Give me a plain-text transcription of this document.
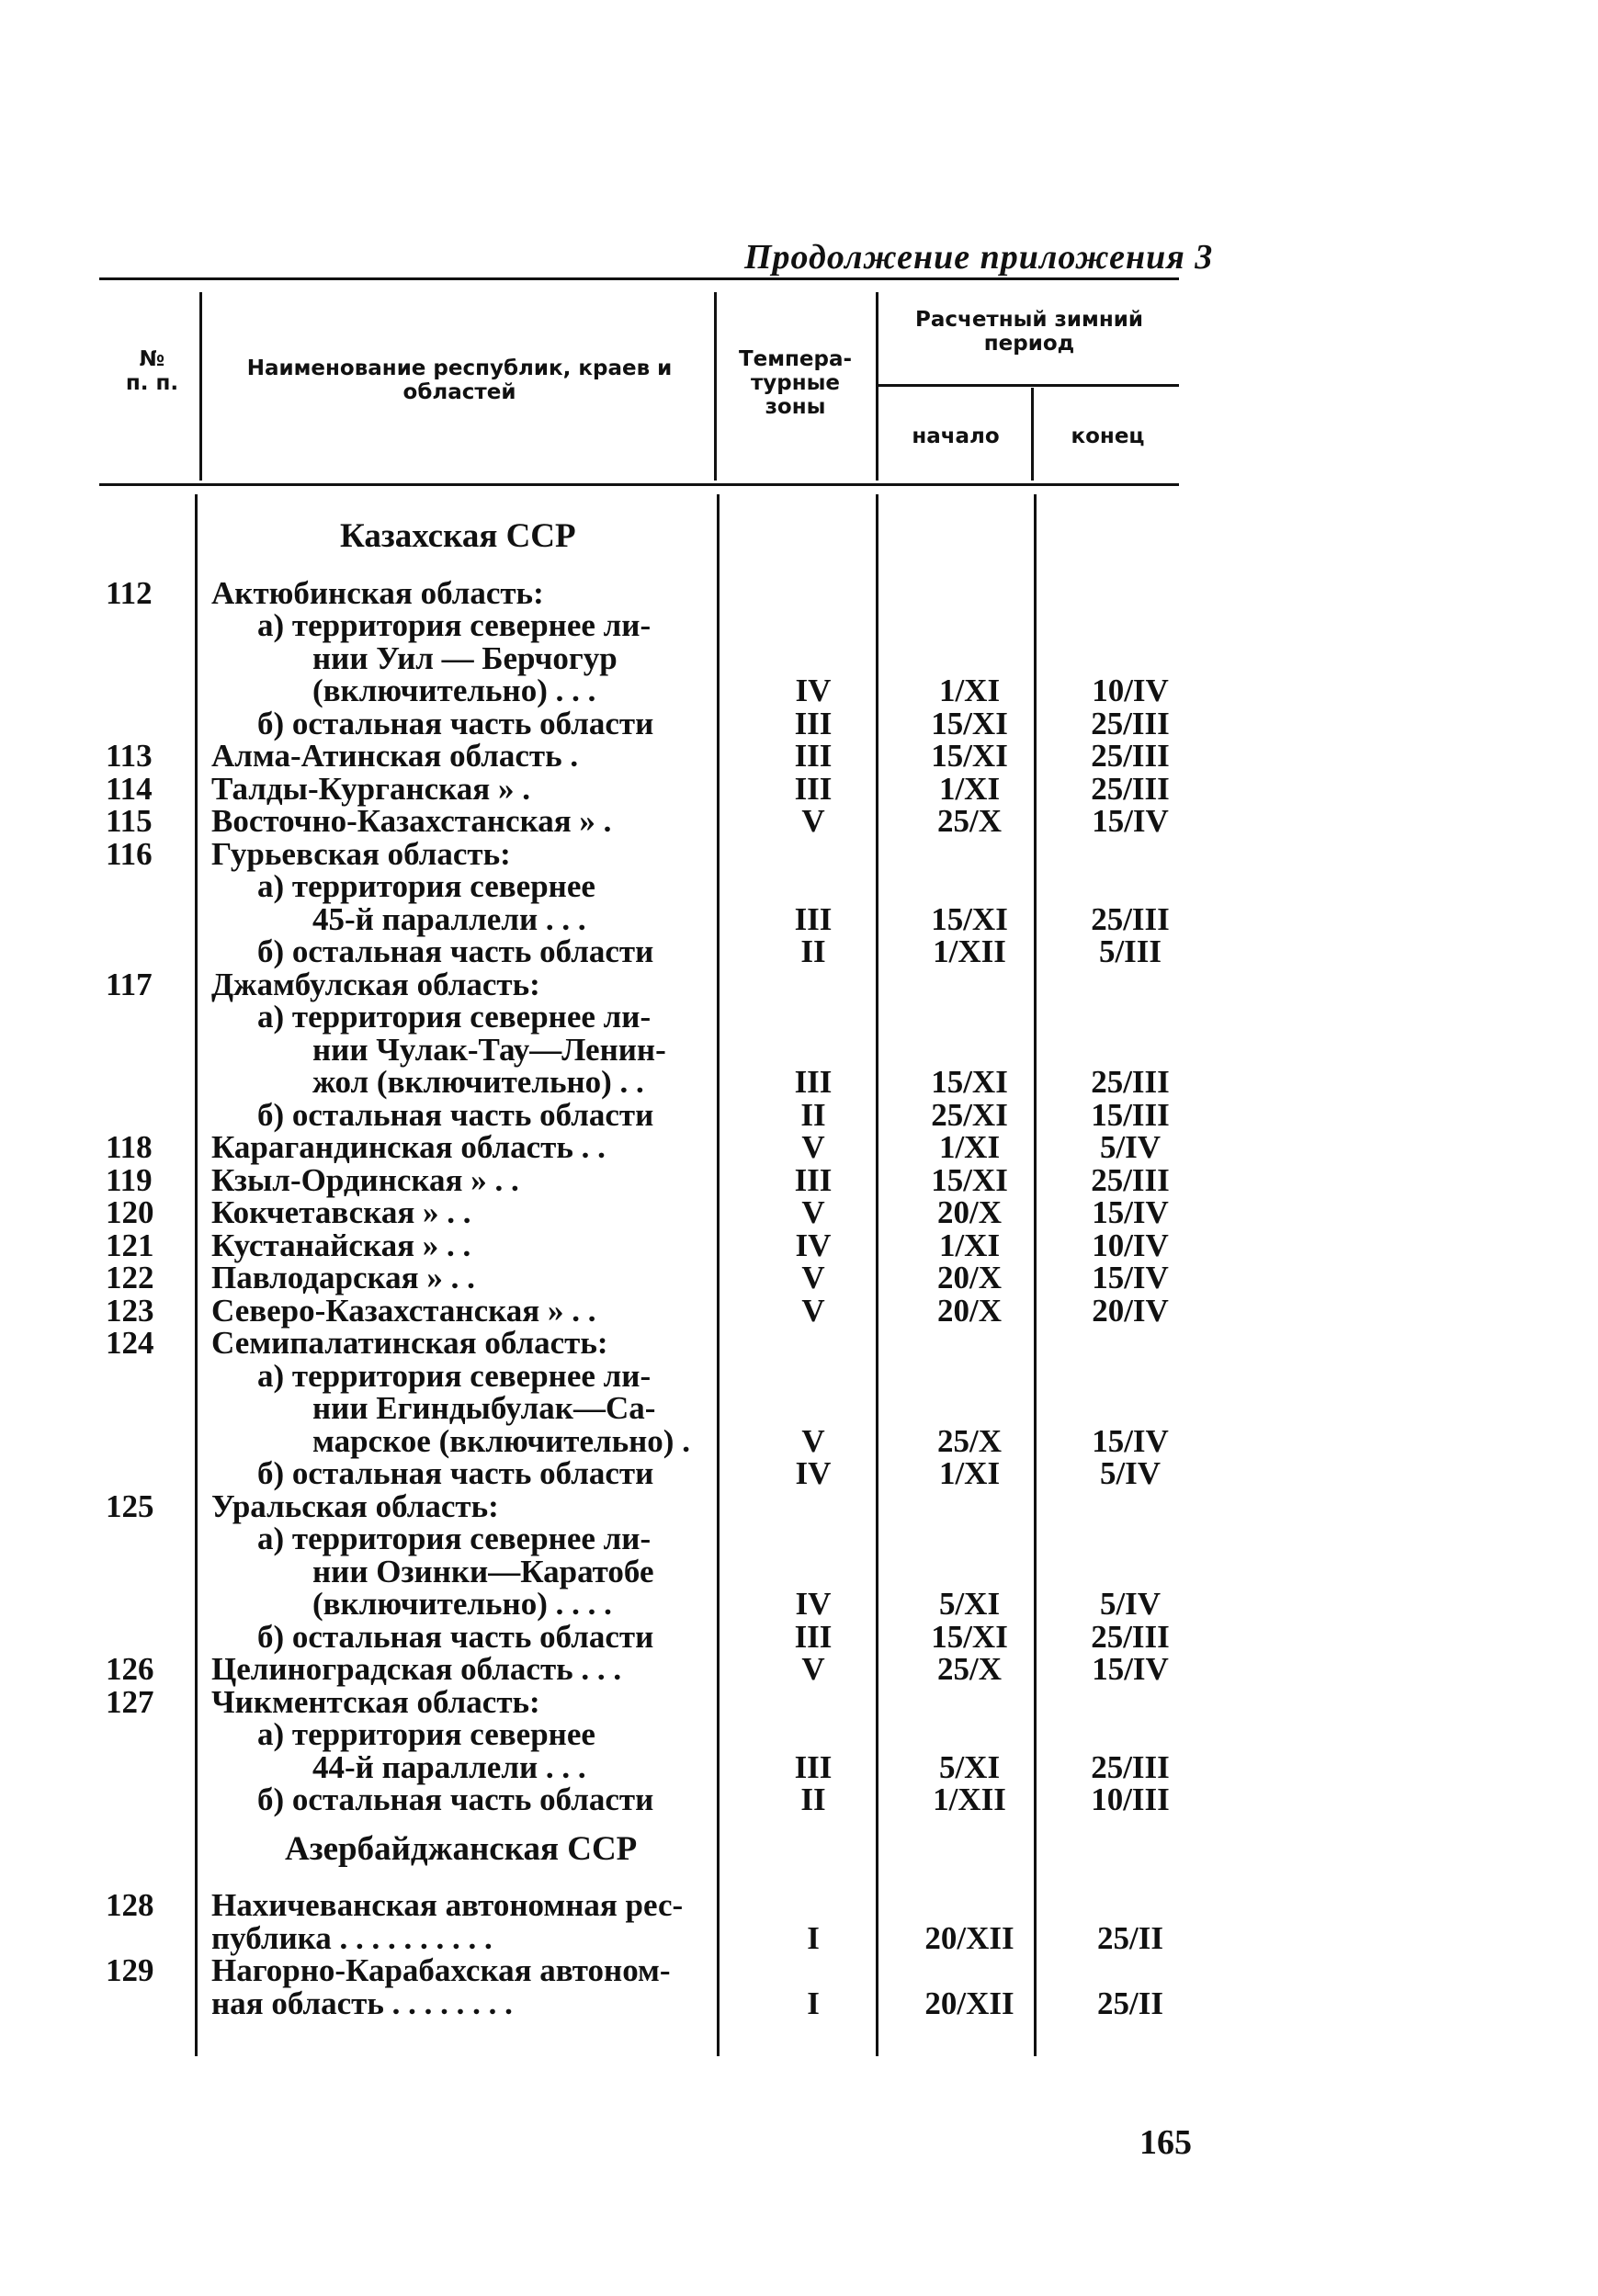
Продолжение приложения 3
№
п. п.
Наименование республик, краев и областей
Темпера-
турные
зоны
Расчетный зимний период
начало	конец
Казахская ССР
112 Актюбинская область:
а) территория севернее ли-
нии Уил — Берчогур
(включительно) . . .	IV	1/XI	10/IV
б) остальная часть области	III	15/XI	25/III
113 Алма-Атинская область .	III	15/XI	25/III
114 Талды-Курганская » .	III	1/XI	25/III
115 Восточно-Казахстанская » .	V	25/X	15/IV
116 Гурьевская область:
а) территория севернее
45-й параллели . . .	III	15/XI	25/III
б) остальная часть области	II	1/XII	5/III
117 Джамбулская область:
а) территория севернее ли-
нии Чулак-Тау—Ленин-
жол (включительно) . .	III	15/XI	25/III
б) остальная часть области	II	25/XI	15/III
118 Карагандинская область . .	V	1/XI	5/IV
119 Кзыл-Ординская » . .	III	15/XI	25/III
120 Кокчетавская » . .	V	20/X	15/IV
121 Кустанайская » . .	IV	1/XI	10/IV
122 Павлодарская » . .	V	20/X	15/IV
123 Северо-Казахстанская » . .	V	20/X	20/IV
124 Семипалатинская область:
а) территория севернее ли-
нии Егиндыбулак—Са-
марское (включительно) .	V	25/X	15/IV
б) остальная часть области	IV	1/XI	5/IV
125 Уральская область:
а) территория севернее ли-
нии Озинки—Каратобе
(включительно) . . . .	IV	5/XI	5/IV
б) остальная часть области	III	15/XI	25/III
126 Целиноградская область . . .	V	25/X	15/IV
127 Чикментская область:
а) территория севернее
44-й параллели . . .	III	5/XI	25/III
б) остальная часть области	II	1/XII	10/III
Азербайджанская ССР
128 Нахичеванская автономная рес-
публика . . . . . . . . . .	I	20/XII	25/II
129 Нагорно-Карабахская автоном-
ная область . . . . . . . .	I	20/XII	25/II
165
